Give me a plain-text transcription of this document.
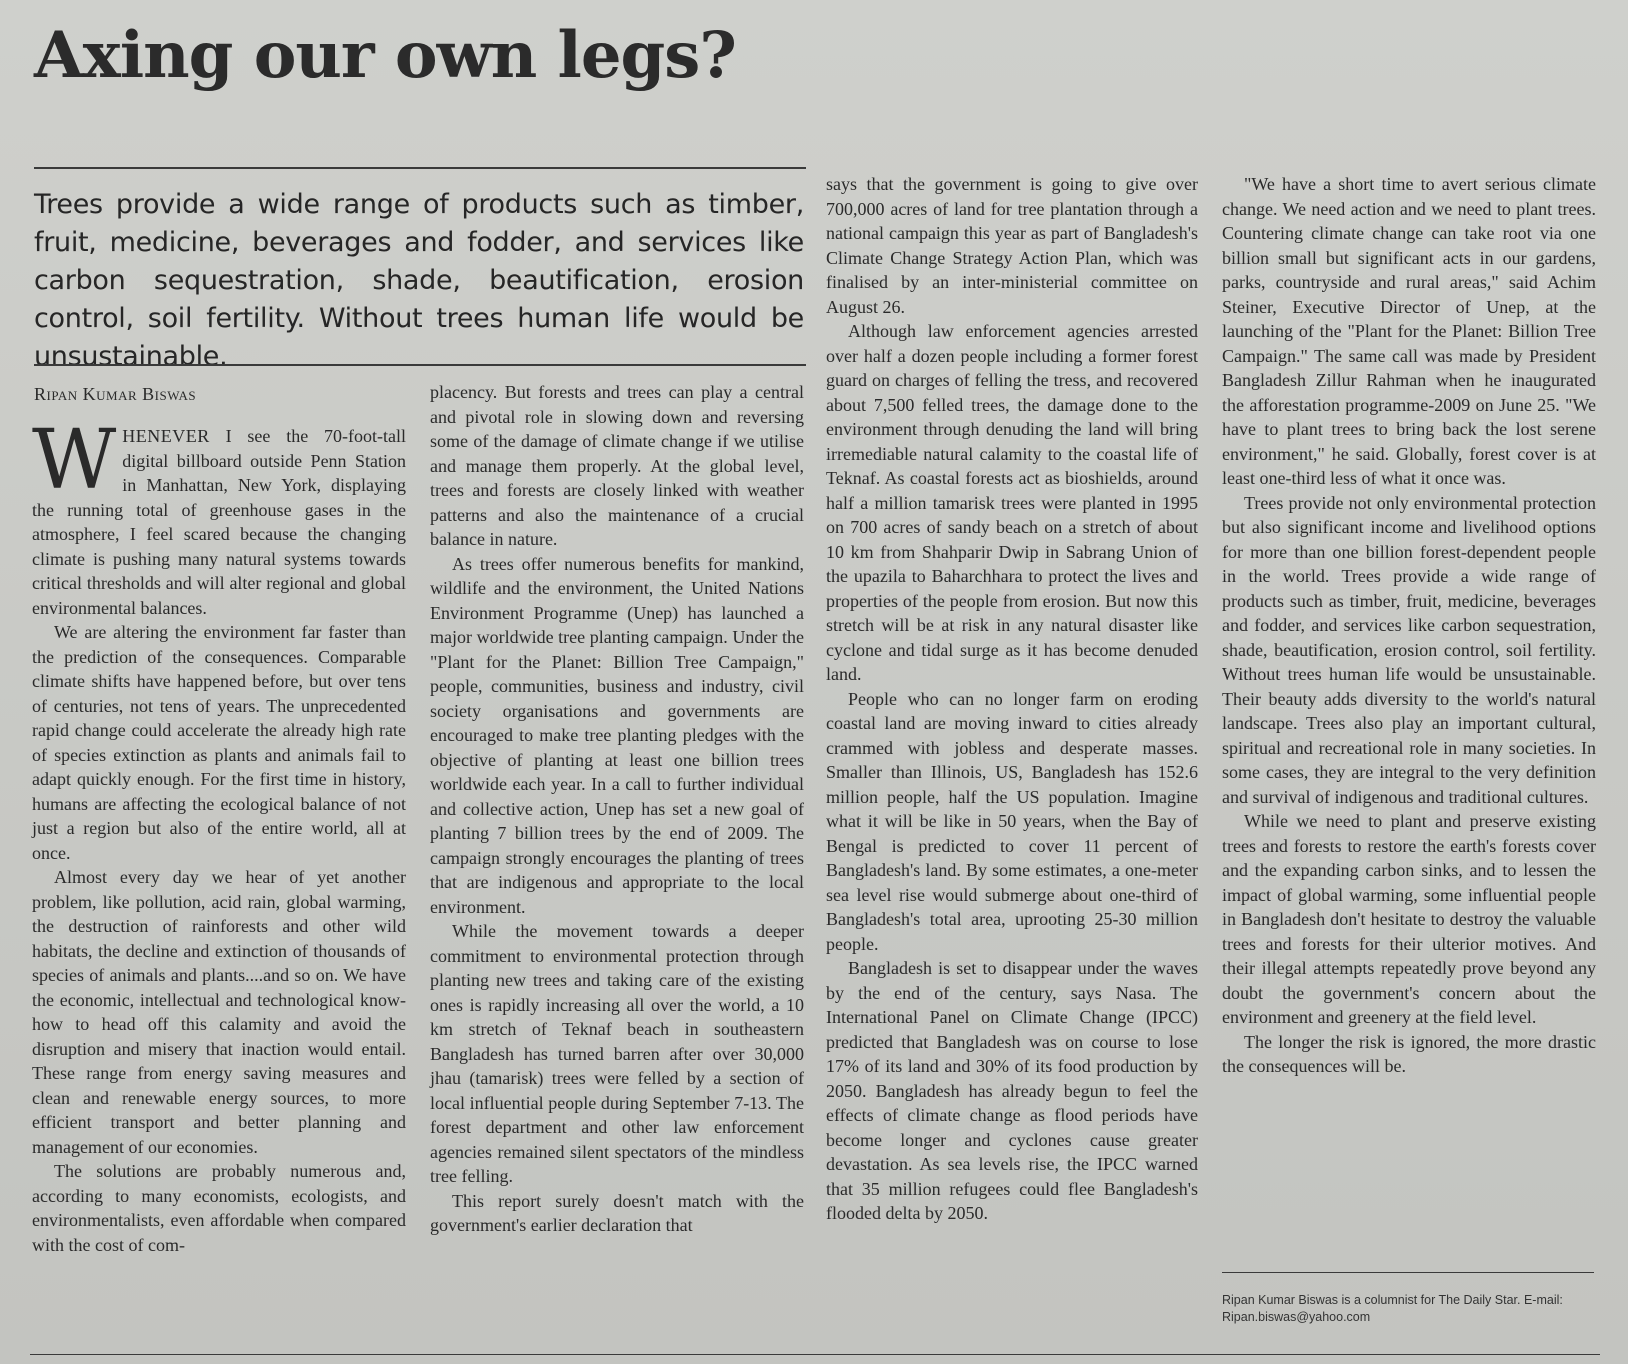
Axing our own legs?
Trees provide a wide range of products such as timber, fruit, medicine, beverages and fodder, and services like carbon sequestration, shade, beautification, erosion control, soil fertility. Without trees human life would be unsustainable.
Ripan Kumar Biswas

WHENEVER I see the 70-foot-tall digital billboard outside Penn Station in Manhattan, New York, displaying the running total of greenhouse gases in the atmosphere, I feel scared because the changing climate is pushing many natural systems towards critical thresholds and will alter regional and global environmental balances.

We are altering the environment far faster than the prediction of the consequences. Comparable climate shifts have happened before, but over tens of centuries, not tens of years. The unprecedented rapid change could accelerate the already high rate of species extinction as plants and animals fail to adapt quickly enough. For the first time in history, humans are affecting the ecological balance of not just a region but also of the entire world, all at once.

Almost every day we hear of yet another problem, like pollution, acid rain, global warming, the destruction of rainforests and other wild habitats, the decline and extinction of thousands of species of animals and plants....and so on. We have the economic, intellectual and technological know-how to head off this calamity and avoid the disruption and misery that inaction would entail. These range from energy saving measures and clean and renewable energy sources, to more efficient transport and better planning and management of our economies.

The solutions are probably numerous and, according to many economists, ecologists, and environmentalists, even affordable when compared with the cost of com-

placency. But forests and trees can play a central and pivotal role in slowing down and reversing some of the damage of climate change if we utilise and manage them properly. At the global level, trees and forests are closely linked with weather patterns and also the maintenance of a crucial balance in nature.

As trees offer numerous benefits for mankind, wildlife and the environment, the United Nations Environment Programme (Unep) has launched a major worldwide tree planting campaign. Under the "Plant for the Planet: Billion Tree Campaign," people, communities, business and industry, civil society organisations and governments are encouraged to make tree planting pledges with the objective of planting at least one billion trees worldwide each year. In a call to further individual and collective action, Unep has set a new goal of planting 7 billion trees by the end of 2009. The campaign strongly encourages the planting of trees that are indigenous and appropriate to the local environment.

While the movement towards a deeper commitment to environmental protection through planting new trees and taking care of the existing ones is rapidly increasing all over the world, a 10 km stretch of Teknaf beach in southeastern Bangladesh has turned barren after over 30,000 jhau (tamarisk) trees were felled by a section of local influential people during September 7-13. The forest department and other law enforcement agencies remained silent spectators of the mindless tree felling.

This report surely doesn't match with the government's earlier declaration that

says that the government is going to give over 700,000 acres of land for tree plantation through a national campaign this year as part of Bangladesh's Climate Change Strategy Action Plan, which was finalised by an inter-ministerial committee on August 26.

Although law enforcement agencies arrested over half a dozen people including a former forest guard on charges of felling the tress, and recovered about 7,500 felled trees, the damage done to the environment through denuding the land will bring irremediable natural calamity to the coastal life of Teknaf. As coastal forests act as bioshields, around half a million tamarisk trees were planted in 1995 on 700 acres of sandy beach on a stretch of about 10 km from Shahparir Dwip in Sabrang Union of the upazila to Baharchhara to protect the lives and properties of the people from erosion. But now this stretch will be at risk in any natural disaster like cyclone and tidal surge as it has become denuded land.

People who can no longer farm on eroding coastal land are moving inward to cities already crammed with jobless and desperate masses. Smaller than Illinois, US, Bangladesh has 152.6 million people, half the US population. Imagine what it will be like in 50 years, when the Bay of Bengal is predicted to cover 11 percent of Bangladesh's land. By some estimates, a one-meter sea level rise would submerge about one-third of Bangladesh's total area, uprooting 25-30 million people.

Bangladesh is set to disappear under the waves by the end of the century, says Nasa. The International Panel on Climate Change (IPCC) predicted that Bangladesh was on course to lose 17% of its land and 30% of its food production by 2050. Bangladesh has already begun to feel the effects of climate change as flood periods have become longer and cyclones cause greater devastation. As sea levels rise, the IPCC warned that 35 million refugees could flee Bangladesh's flooded delta by 2050.

"We have a short time to avert serious climate change. We need action and we need to plant trees. Countering climate change can take root via one billion small but significant acts in our gardens, parks, countryside and rural areas," said Achim Steiner, Executive Director of Unep, at the launching of the "Plant for the Planet: Billion Tree Campaign." The same call was made by President Bangladesh Zillur Rahman when he inaugurated the afforestation programme-2009 on June 25. "We have to plant trees to bring back the lost serene environment," he said. Globally, forest cover is at least one-third less of what it once was.

Trees provide not only environmental protection but also significant income and livelihood options for more than one billion forest-dependent people in the world. Trees provide a wide range of products such as timber, fruit, medicine, beverages and fodder, and services like carbon sequestration, shade, beautification, erosion control, soil fertility. Without trees human life would be unsustainable. Their beauty adds diversity to the world's natural landscape. Trees also play an important cultural, spiritual and recreational role in many societies. In some cases, they are integral to the very definition and survival of indigenous and traditional cultures.

While we need to plant and preserve existing trees and forests to restore the earth's forests cover and the expanding carbon sinks, and to lessen the impact of global warming, some influential people in Bangladesh don't hesitate to destroy the valuable trees and forests for their ulterior motives. And their illegal attempts repeatedly prove beyond any doubt the government's concern about the environment and greenery at the field level.

The longer the risk is ignored, the more drastic the consequences will be.

Ripan Kumar Biswas is a columnist for The Daily Star. E-mail: Ripan.biswas@yahoo.com
